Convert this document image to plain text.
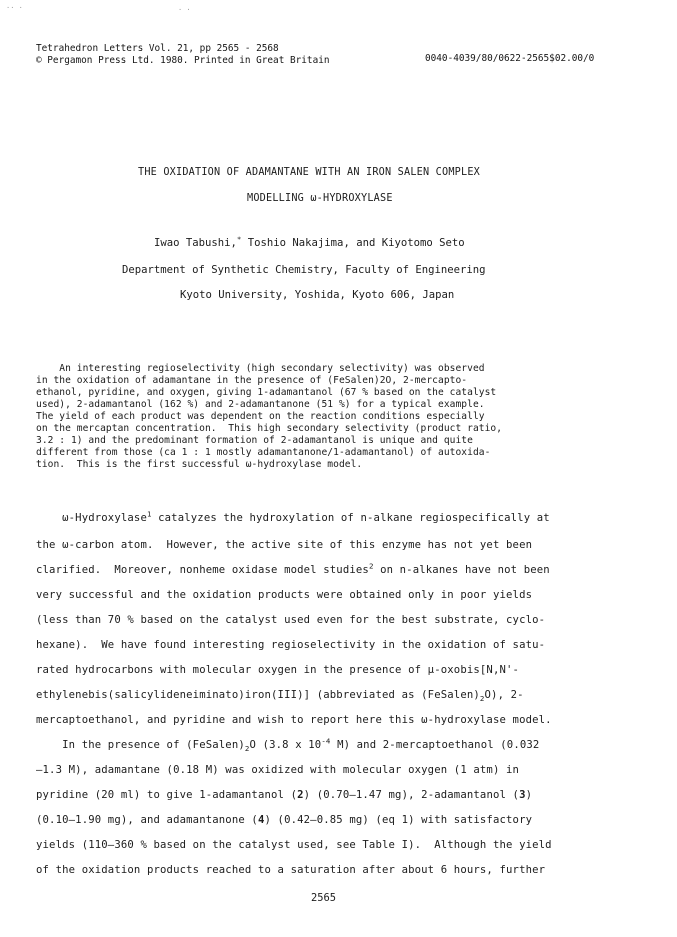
·· ·	· ·
Tetrahedron Letters Vol. 21, pp 2565 - 2568
© Pergamon Press Ltd. 1980. Printed in Great Britain	0040-4039/80/0622-2565$02.00/0
THE OXIDATION OF ADAMANTANE WITH AN IRON SALEN COMPLEX
MODELLING ω-HYDROXYLASE
Iwao Tabushi,* Toshio Nakajima, and Kiyotomo Seto
Department of Synthetic Chemistry, Faculty of Engineering
Kyoto University, Yoshida, Kyoto 606, Japan
An interesting regioselectivity (high secondary selectivity) was observed
in the oxidation of adamantane in the presence of (FeSalen)2O, 2-mercapto-
ethanol, pyridine, and oxygen, giving 1-adamantanol (67 % based on the catalyst
used), 2-adamantanol (162 %) and 2-adamantanone (51 %) for a typical example.
The yield of each product was dependent on the reaction conditions especially
on the mercaptan concentration.  This high secondary selectivity (product ratio,
3.2 : 1) and the predominant formation of 2-adamantanol is unique and quite
different from those (ca 1 : 1 mostly adamantanone/1-adamantanol) of autoxida-
tion.  This is the first successful ω-hydroxylase model.
ω-Hydroxylase$^1$ catalyzes the hydroxylation of n-alkane regiospecifically at
the ω-carbon atom.  However, the active site of this enzyme has not yet been
clarified.  Moreover, nonheme oxidase model studies$^2$ on n-alkanes have not been
very successful and the oxidation products were obtained only in poor yields
(less than 70 % based on the catalyst used even for the best substrate, cyclo-
hexane).  We have found interesting regioselectivity in the oxidation of satu-
rated hydrocarbons with molecular oxygen in the presence of μ-oxobis[N,N'-
ethylenebis(salicylideneiminato)iron(III)] (abbreviated as $(FeSalen)_2O$), 2-
mercaptoethanol, and pyridine and wish to report here this ω-hydroxylase model.
In the presence of $(FeSalen)_2O$ (3.8 x $10^{-4}$ M) and 2-mercaptoethanol (0.032
—1.3 M), adamantane (0.18 M) was oxidized with molecular oxygen (1 atm) in
pyridine (20 ml) to give 1-adamantanol (2) (0.70—1.47 mg), 2-adamantanol (3)
(0.10—1.90 mg), and adamantanone (4) (0.42—0.85 mg) (eq 1) with satisfactory
yields (110—360 % based on the catalyst used, see Table I).  Although the yield
of the oxidation products reached to a saturation after about 6 hours, further
2565
